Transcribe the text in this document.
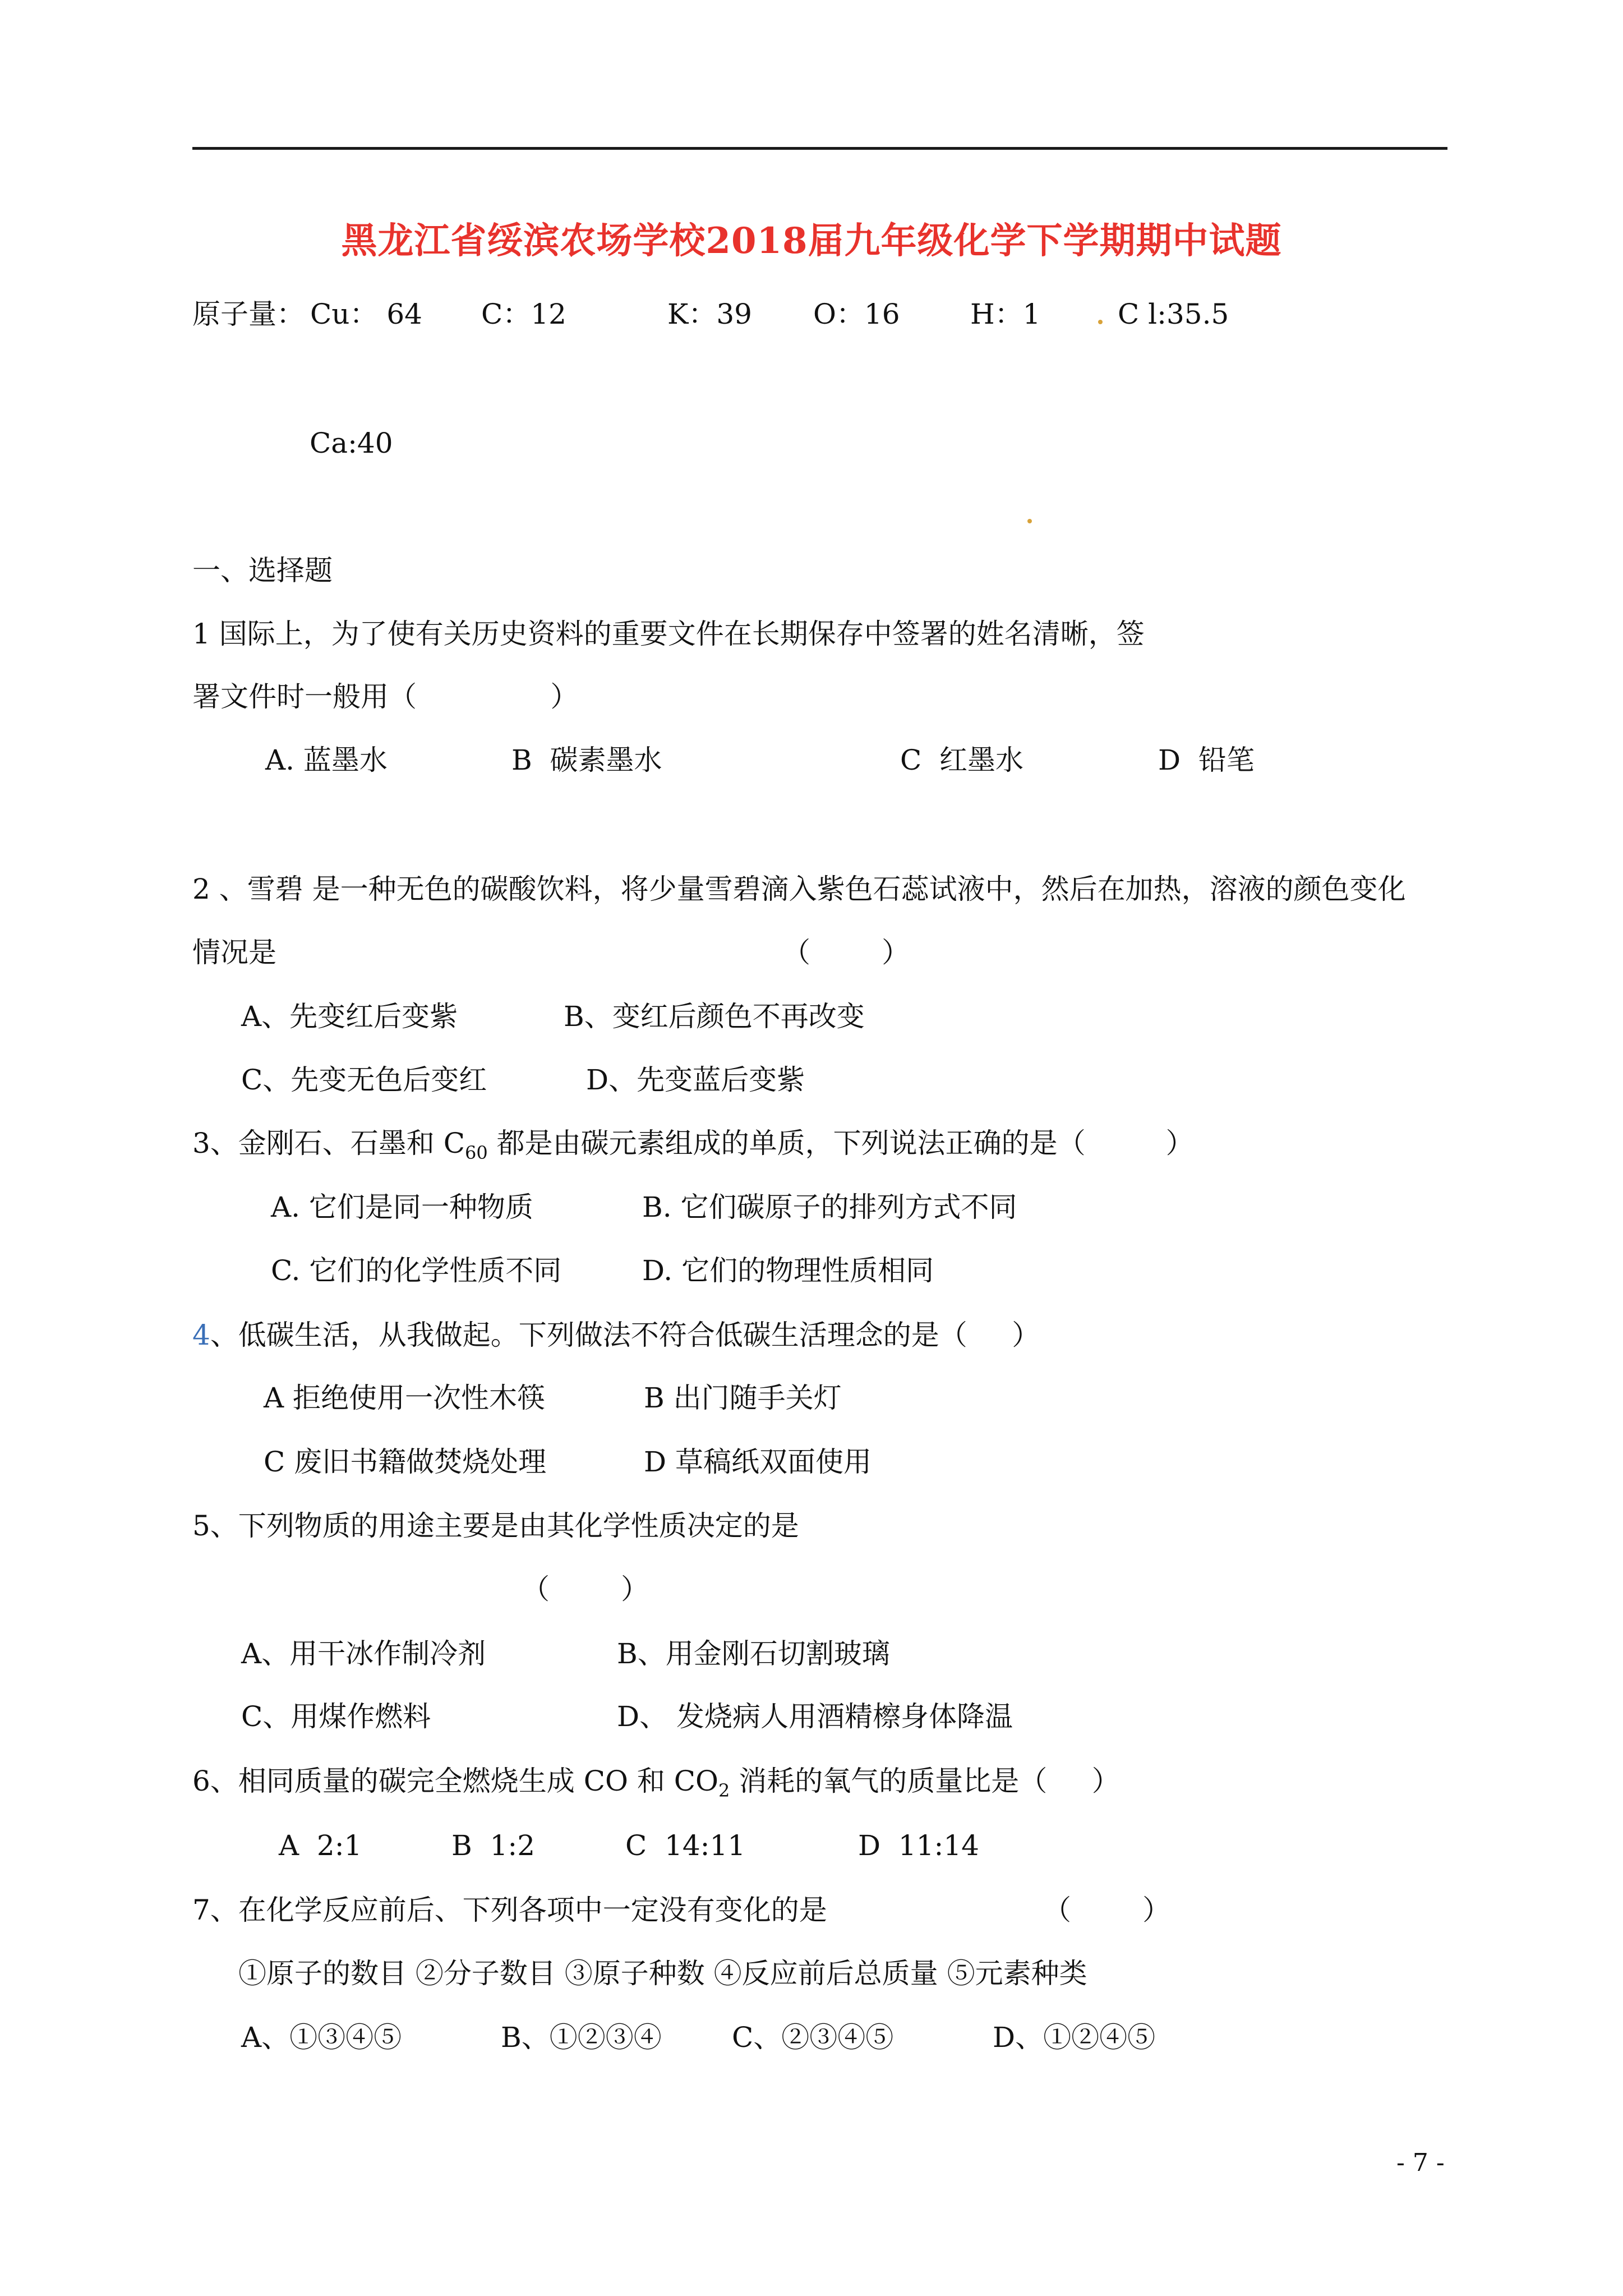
黑龙江省绥滨农场学校2018届九年级化学下学期期中试题
原子量： Cu： 64 C：12	K：39 O：16	H：1	C l:35.5
Ca:40
一、选择题
1 国际上，为了使有关历史资料的重要文件在长期保存中签署的姓名清晰，签
署文件时一般用（               ）
A. 蓝墨水	B  碳素墨水	C  红墨水	D  铅笔
2 、雪碧 是一种无色的碳酸饮料，将少量雪碧滴入紫色石蕊试液中，然后在加热，溶液的颜色变化
情况是	（        ）
A、先变红后变紫	B、变红后颜色不再改变
C、先变无色后变红	D、先变蓝后变紫
3、金刚石、石墨和 $C_{60}$ 都是由碳元素组成的单质，下列说法正确的是（         ）
A. 它们是同一种物质	B. 它们碳原子的排列方式不同
C. 它们的化学性质不同	D. 它们的物理性质相同
4、低碳生活，从我做起。下列做法不符合低碳生活理念的是（     ）
A 拒绝使用一次性木筷	B 出门随手关灯
C 废旧书籍做焚烧处理	D 草稿纸双面使用
5、下列物质的用途主要是由其化学性质决定的是
（        ）
A、用干冰作制冷剂	B、用金刚石切割玻璃
C、用煤作燃料	D、 发烧病人用酒精檫身体降温
6、相同质量的碳完全燃烧生成 CO 和 $CO_2$ 消耗的氧气的质量比是（     ）
A  2:1	B  1:2	C  14:11	D  11:14
7、在化学反应前后、下列各项中一定没有变化的是	（        ）
①原子的数目 ②分子数目 ③原子种数 ④反应前后总质量 ⑤元素种类
A、①③④⑤	B、①②③④	C、②③④⑤	D、①②④⑤
- 7 -
